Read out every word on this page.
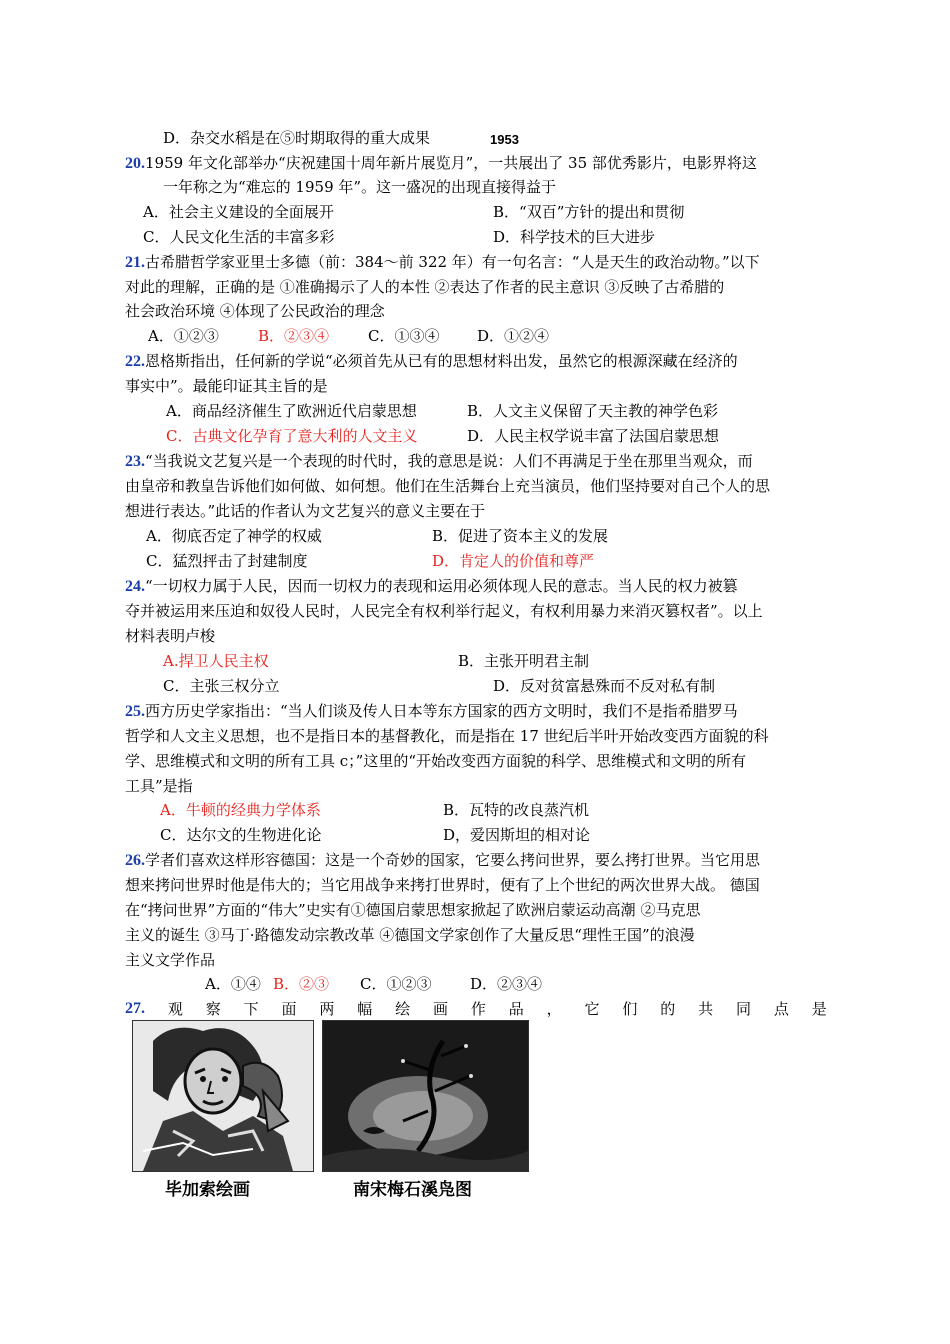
D．杂交水稻是在⑤时期取得的重大成果	1953
20.1959 年文化部举办“庆祝建国十周年新片展览月”，一共展出了 35 部优秀影片，电影界将这
一年称之为“难忘的 1959 年”。这一盛况的出现直接得益于
A．社会主义建设的全面展开	B．“双百”方针的提出和贯彻
C．人民文化生活的丰富多彩	D．科学技术的巨大进步
21.古希腊哲学家亚里士多德（前：384～前 322 年）有一句名言：“人是天生的政治动物。”以下
对此的理解，正确的是 ①准确揭示了人的本性 ②表达了作者的民主意识 ③反映了古希腊的
社会政治环境 ④体现了公民政治的理念
A．①②③	B．②③④	C．①③④	D．①②④
22.恩格斯指出，任何新的学说“必须首先从已有的思想材料出发，虽然它的根源深藏在经济的
事实中”。最能印证其主旨的是
A．商品经济催生了欧洲近代启蒙思想	B．人文主义保留了天主教的神学色彩
C．古典文化孕育了意大利的人文主义	D．人民主权学说丰富了法国启蒙思想
23.“当我说文艺复兴是一个表现的时代时，我的意思是说：人们不再满足于坐在那里当观众，而
由皇帝和教皇告诉他们如何做、如何想。他们在生活舞台上充当演员，他们坚持要对自己个人的思
想进行表达。”此话的作者认为文艺复兴的意义主要在于
A．彻底否定了神学的权威	B．促进了资本主义的发展
C．猛烈抨击了封建制度	D．肯定人的价值和尊严
24.“一切权力属于人民，因而一切权力的表现和运用必须体现人民的意志。当人民的权力被篡
夺并被运用来压迫和奴役人民时，人民完全有权利举行起义，有权利用暴力来消灭篡权者”。以上
材料表明卢梭
A.捍卫人民主权	B．主张开明君主制
C．主张三权分立	D．反对贫富悬殊而不反对私有制
25.西方历史学家指出：“当人们谈及传人日本等东方国家的西方文明时，我们不是指希腊罗马
哲学和人文主义思想，也不是指日本的基督教化，而是指在 17 世纪后半叶开始改变西方面貌的科
学、思维模式和文明的所有工具 c；”这里的“开始改变西方面貌的科学、思维模式和文明的所有
工具”是指
A．牛顿的经典力学体系	B．瓦特的改良蒸汽机
C．达尔文的生物进化论	D，爱因斯坦的相对论
26.学者们喜欢这样形容德国：这是一个奇妙的国家，它要么拷问世界，要么拷打世界。当它用思
想来拷问世界时他是伟大的；当它用战争来拷打世界时，便有了上个世纪的两次世界大战。 德国
在“拷问世界”方面的“伟大”史实有①德国启蒙思想家掀起了欧洲启蒙运动高潮 ②马克思
主义的诞生 ③马丁·路德发动宗教改革 ④德国文学家创作了大量反思“理性王国”的浪漫
主义文学作品
A．①④ B．②③ C．①②③	D．②③④
27. 观 察 下 面 两 幅 绘 画 作 品 ， 它 们 的 共 同 点 是
毕加索绘画	南宋梅石溪凫图
